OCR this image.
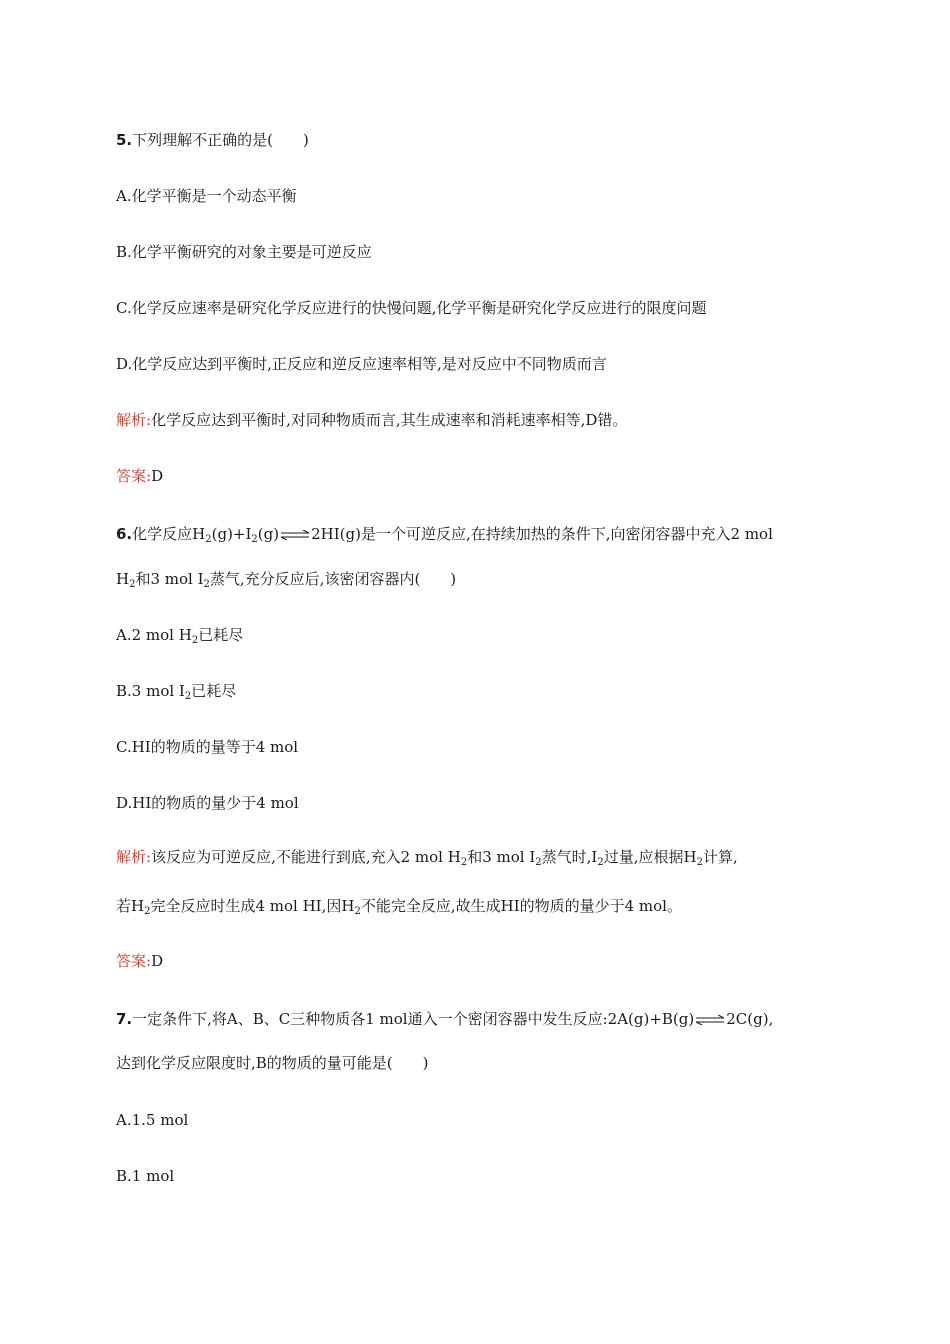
5.下列理解不正确的是( )
A.化学平衡是一个动态平衡
B.化学平衡研究的对象主要是可逆反应
C.化学反应速率是研究化学反应进行的快慢问题,化学平衡是研究化学反应进行的限度问题
D.化学反应达到平衡时,正反应和逆反应速率相等,是对反应中不同物质而言
解析:化学反应达到平衡时,对同种物质而言,其生成速率和消耗速率相等,D错。
答案:D
6.化学反应$H_2(g)+I_2(g)\rightleftharpoons 2HI(g)$是一个可逆反应,在持续加热的条件下,向密闭容器中充入2 mol
$H_2$和3 mol $I_2$蒸气,充分反应后,该密闭容器内( )
A.2 mol $H_2$已耗尽
B.3 mol $I_2$已耗尽
C.HI的物质的量等于4 mol
D.HI的物质的量少于4 mol
解析:该反应为可逆反应,不能进行到底,充入2 mol $H_2$和3 mol $I_2$蒸气时$,I_2$过量,应根据$H_2$计算,
若$H_2$完全反应时生成4 mol HI,因$H_2$不能完全反应,故生成HI的物质的量少于4 mol。
答案:D
7.一定条件下,将A、B、C三种物质各1 mol通入一个密闭容器中发生反应:2A(g)+B(g)⇌2C(g),
达到化学反应限度时,B的物质的量可能是( )
A.1.5 mol
B.1 mol
